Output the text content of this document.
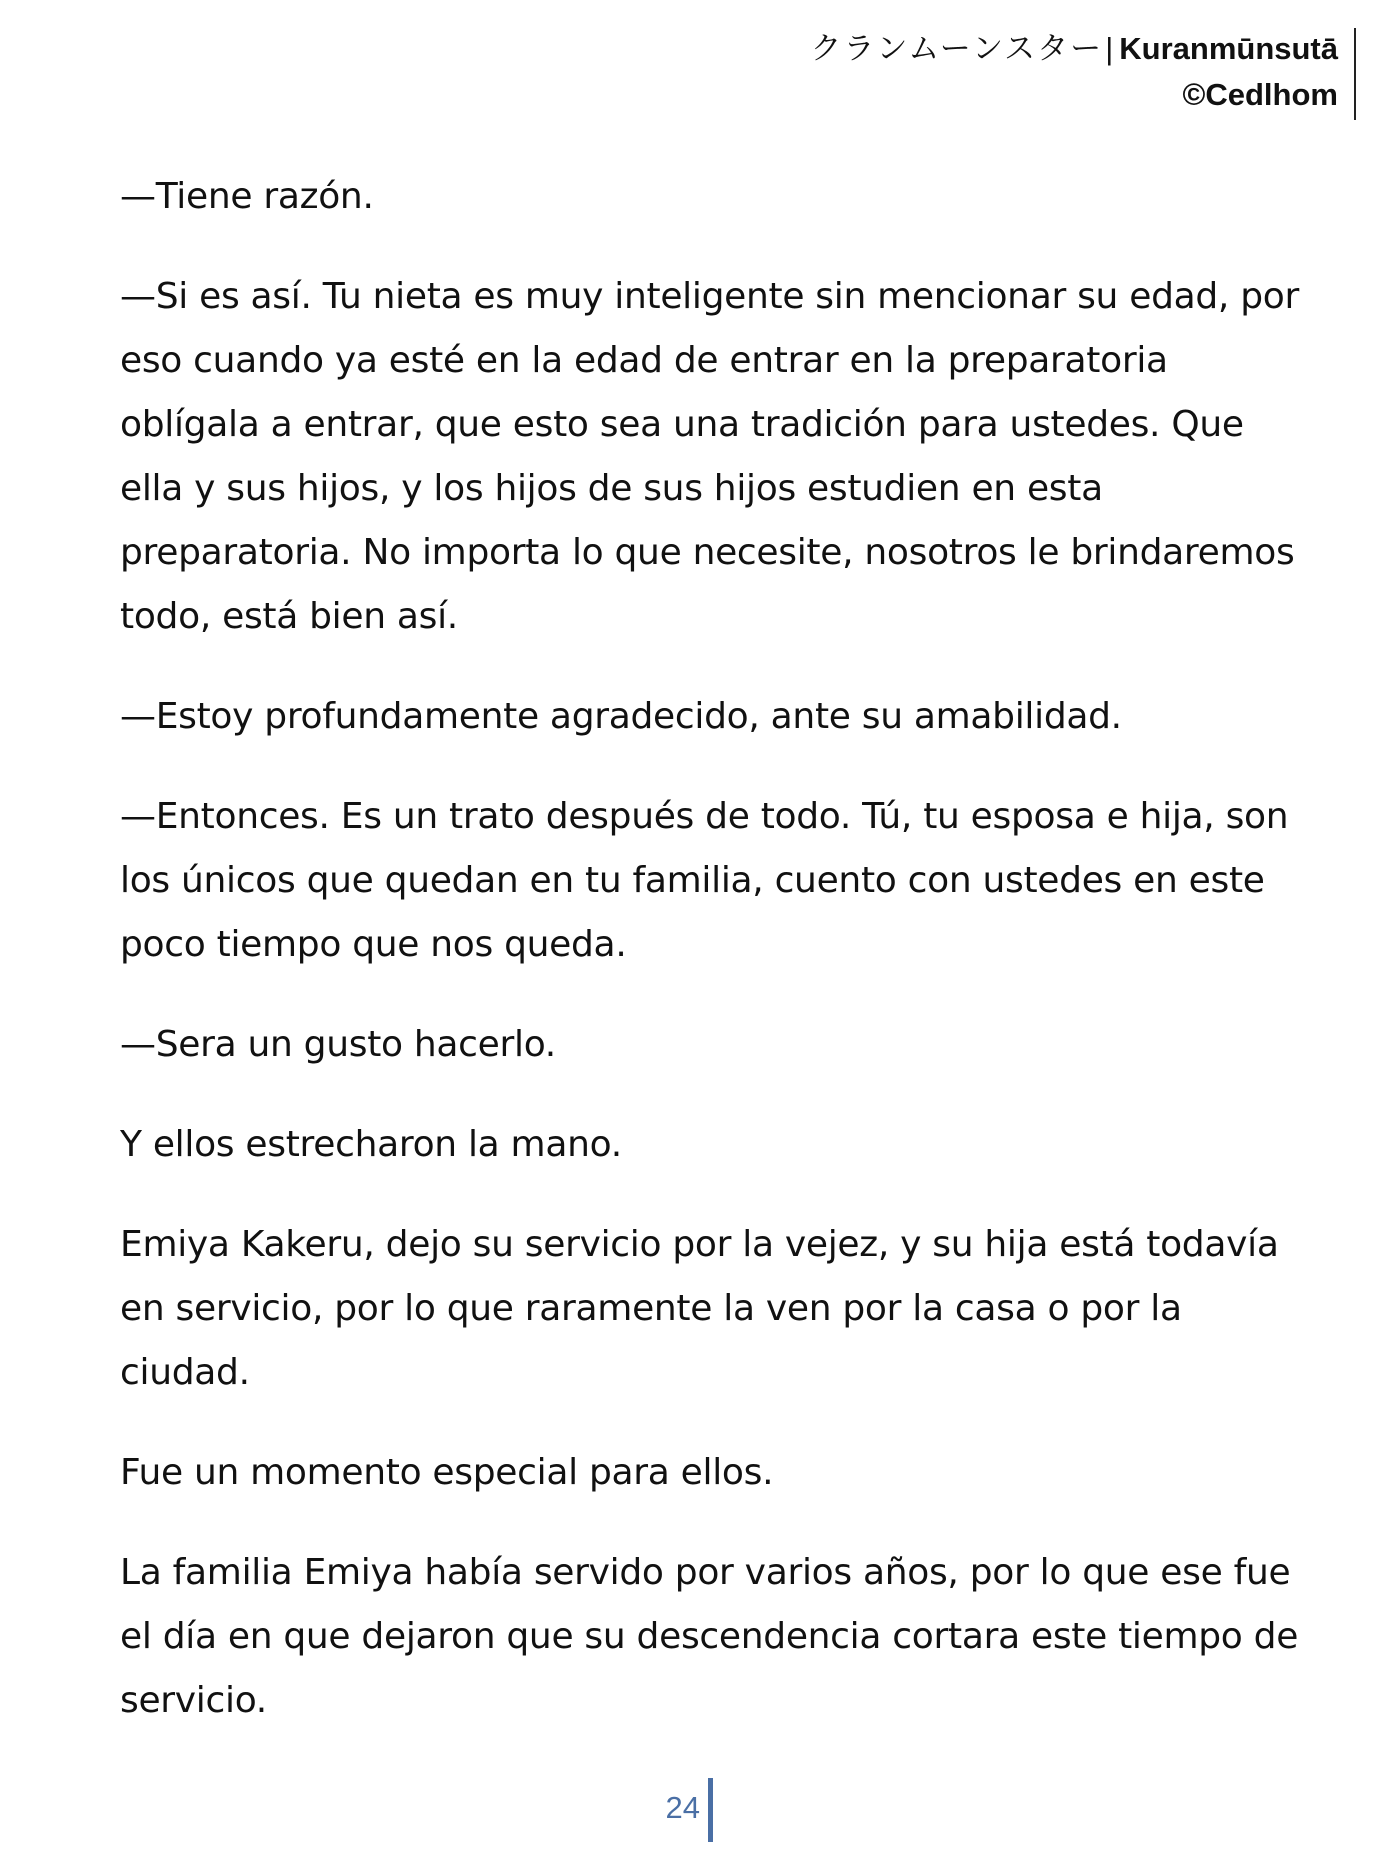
クランムーンスター| Kuranmūnsutā
©Cedlhom

—Tiene razón.

—Si es así. Tu nieta es muy inteligente sin mencionar su edad, por eso cuando ya esté en la edad de entrar en la preparatoria oblígala a entrar, que esto sea una tradición para ustedes. Que ella y sus hijos, y los hijos de sus hijos estudien en esta preparatoria. No importa lo que necesite, nosotros le brindaremos todo, está bien así.

—Estoy profundamente agradecido, ante su amabilidad.

—Entonces. Es un trato después de todo. Tú, tu esposa e hija, son los únicos que quedan en tu familia, cuento con ustedes en este poco tiempo que nos queda.

—Sera un gusto hacerlo.

Y ellos estrecharon la mano.

Emiya Kakeru, dejo su servicio por la vejez, y su hija está todavía en servicio, por lo que raramente la ven por la casa o por la ciudad.

Fue un momento especial para ellos.

La familia Emiya había servido por varios años, por lo que ese fue el día en que dejaron que su descendencia cortara este tiempo de servicio.

24
